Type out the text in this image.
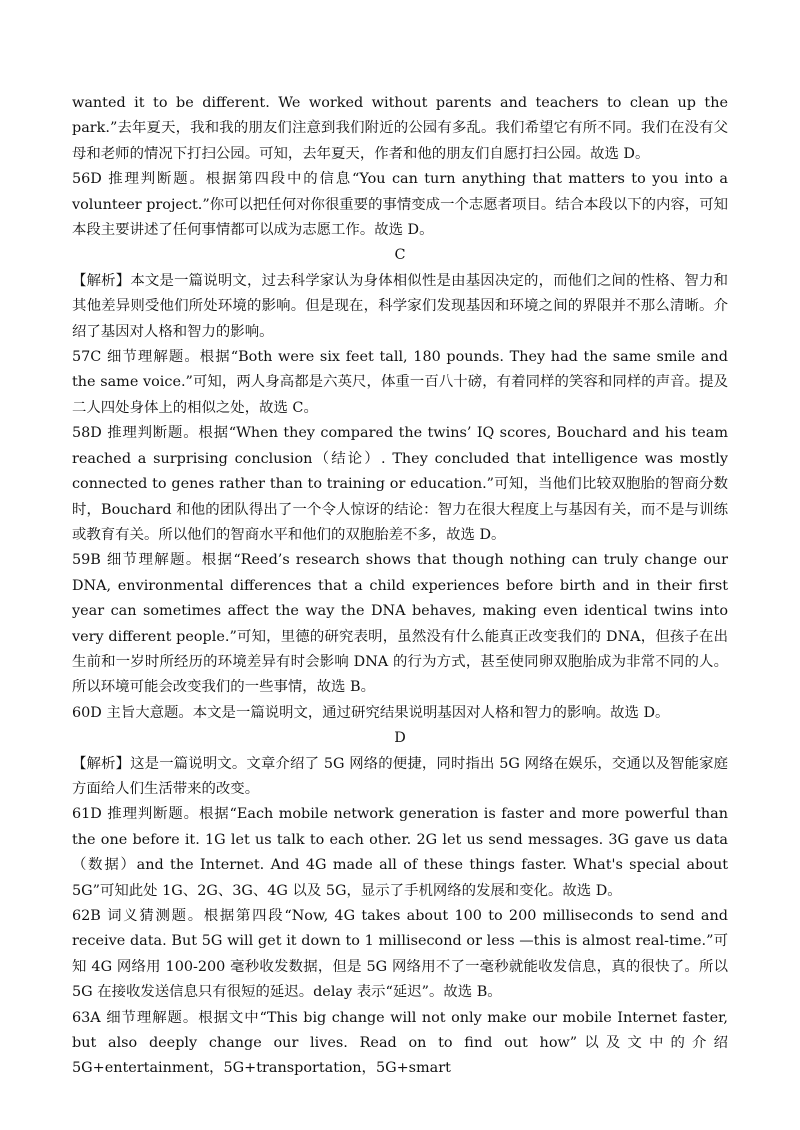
wanted it to be different. We worked without parents and teachers to clean up the park.”去年夏天，我和我的朋友们注意到我们附近的公园有多乱。我们希望它有所不同。我们在没有父母和老师的情况下打扫公园。可知，去年夏天，作者和他的朋友们自愿打扫公园。故选 D。

56D 推理判断题。根据第四段中的信息“You can turn anything that matters to you into a volunteer project.”你可以把任何对你很重要的事情变成一个志愿者项目。结合本段以下的内容，可知本段主要讲述了任何事情都可以成为志愿工作。故选 D。

C

【解析】本文是一篇说明文，过去科学家认为身体相似性是由基因决定的，而他们之间的性格、智力和其他差异则受他们所处环境的影响。但是现在，科学家们发现基因和环境之间的界限并不那么清晰。介绍了基因对人格和智力的影响。

57C 细节理解题。根据“Both were six feet tall, 180 pounds. They had the same smile and the same voice.”可知，两人身高都是六英尺，体重一百八十磅，有着同样的笑容和同样的声音。提及二人四处身体上的相似之处，故选 C。

58D 推理判断题。根据“When they compared the twins’ IQ scores, Bouchard and his team reached a surprising conclusion（结论）. They concluded that intelligence was mostly connected to genes rather than to training or education.”可知，当他们比较双胞胎的智商分数时，Bouchard 和他的团队得出了一个令人惊讶的结论：智力在很大程度上与基因有关，而不是与训练或教育有关。所以他们的智商水平和他们的双胞胎差不多，故选 D。

59B 细节理解题。根据“Reed’s research shows that though nothing can truly change our DNA, environmental differences that a child experiences before birth and in their first year can sometimes affect the way the DNA behaves, making even identical twins into very different people.”可知，里德的研究表明，虽然没有什么能真正改变我们的 DNA，但孩子在出生前和一岁时所经历的环境差异有时会影响 DNA 的行为方式，甚至使同卵双胞胎成为非常不同的人。所以环境可能会改变我们的一些事情，故选 B。

60D 主旨大意题。本文是一篇说明文，通过研究结果说明基因对人格和智力的影响。故选 D。

D

【解析】这是一篇说明文。文章介绍了 5G 网络的便捷，同时指出 5G 网络在娱乐，交通以及智能家庭方面给人们生活带来的改变。

61D 推理判断题。根据“Each mobile network generation is faster and more powerful than the one before it. 1G let us talk to each other. 2G let us send messages. 3G gave us data（数据）and the Internet. And 4G made all of these things faster. What's special about 5G”可知此处 1G、2G、3G、4G 以及 5G，显示了手机网络的发展和变化。故选 D。

62B 词义猜测题。根据第四段“Now, 4G takes about 100 to 200 milliseconds to send and receive data. But 5G will get it down to 1 millisecond or less —this is almost real-time.”可知 4G 网络用 100-200 毫秒收发数据，但是 5G 网络用不了一毫秒就能收发信息，真的很快了。所以 5G 在接收发送信息只有很短的延迟。delay 表示“延迟”。故选 B。

63A 细节理解题。根据文中“This big change will not only make our mobile Internet faster, but also deeply change our lives. Read on to find out how”以及文中的介绍 5G+entertainment，5G+transportation，5G+smart
